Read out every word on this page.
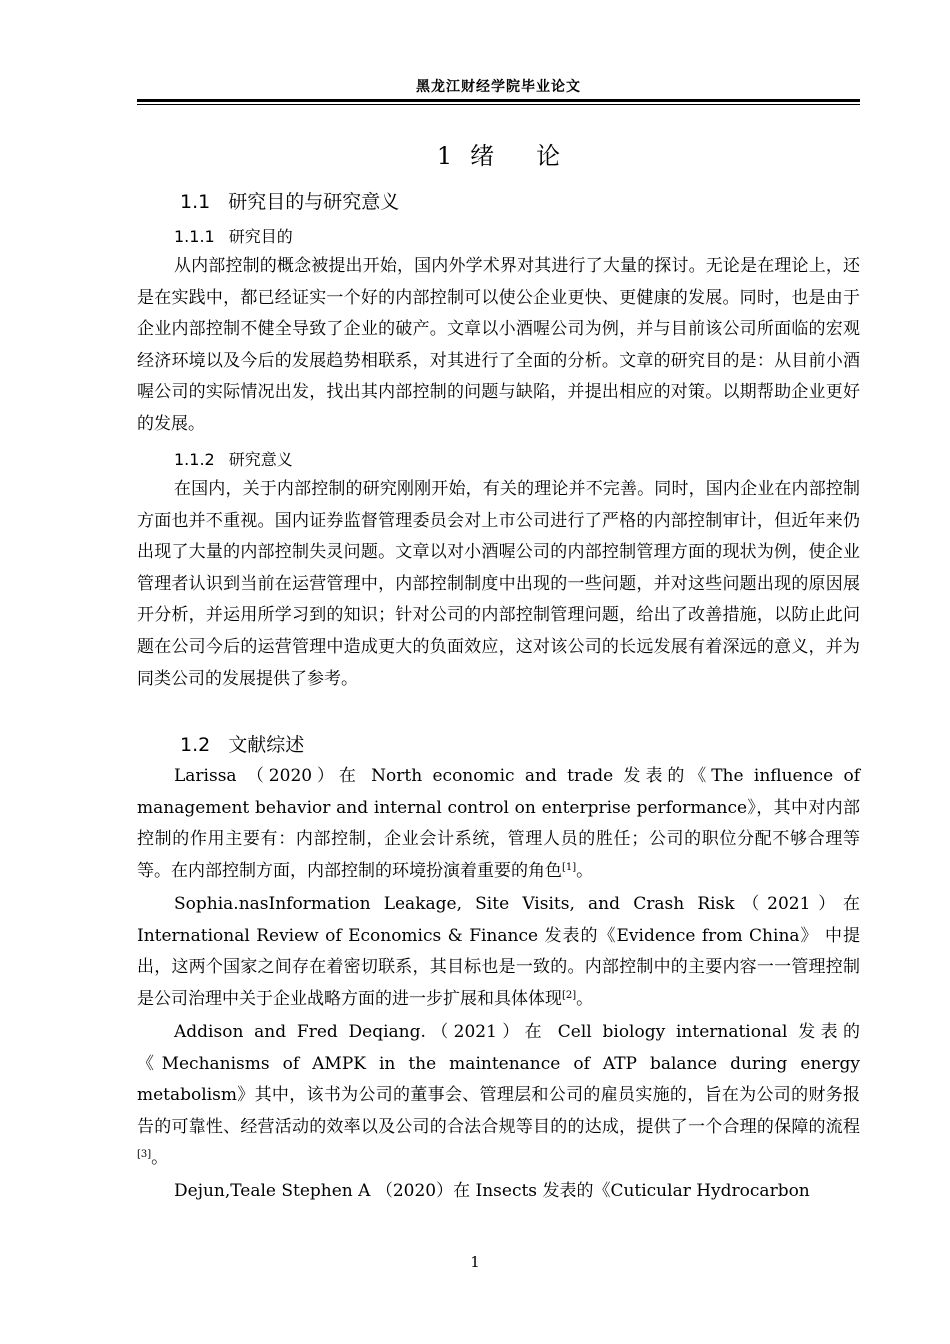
黑龙江财经学院毕业论文
1 绪 论
1.1 研究目的与研究意义
1.1.1 研究目的

从内部控制的概念被提出开始，国内外学术界对其进行了大量的探讨。无论是在理论上，还是在实践中，都已经证实一个好的内部控制可以使公企业更快、更健康的发展。同时，也是由于企业内部控制不健全导致了企业的破产。文章以小酒喔公司为例，并与目前该公司所面临的宏观经济环境以及今后的发展趋势相联系，对其进行了全面的分析。文章的研究目的是：从目前小酒喔公司的实际情况出发，找出其内部控制的问题与缺陷，并提出相应的对策。以期帮助企业更好的发展。

1.1.2 研究意义

在国内，关于内部控制的研究刚刚开始，有关的理论并不完善。同时，国内企业在内部控制方面也并不重视。国内证券监督管理委员会对上市公司进行了严格的内部控制审计，但近年来仍出现了大量的内部控制失灵问题。文章以对小酒喔公司的内部控制管理方面的现状为例，使企业管理者认识到当前在运营管理中，内部控制制度中出现的一些问题，并对这些问题出现的原因展开分析，并运用所学习到的知识；针对公司的内部控制管理问题，给出了改善措施，以防止此问题在公司今后的运营管理中造成更大的负面效应，这对该公司的长远发展有着深远的意义，并为同类公司的发展提供了参考。

1.2 文献综述

Larissa （2020）在 North economic and trade 发表的《The influence of management behavior and internal control on enterprise performance》，其中对内部控制的作用主要有：内部控制，企业会计系统，管理人员的胜任；公司的职位分配不够合理等等。在内部控制方面，内部控制的环境扮演着重要的角色[1]。

Sophia.nasInformation Leakage, Site Visits, and Crash Risk（2021）在 International Review of Economics & Finance 发表的《Evidence from China》 中提出，这两个国家之间存在着密切联系，其目标也是一致的。内部控制中的主要内容一一管理控制是公司治理中关于企业战略方面的进一步扩展和具体体现[2]。

Addison and Fred Deqiang.（2021）在 Cell biology international 发表的《Mechanisms of AMPK in the maintenance of ATP balance during energy metabolism》其中，该书为公司的董事会、管理层和公司的雇员实施的，旨在为公司的财务报告的可靠性、经营活动的效率以及公司的合法合规等目的的达成，提供了一个合理的保障的流程[3]。

Dejun,Teale Stephen A （2020）在 Insects 发表的《Cuticular Hydrocarbon

1
